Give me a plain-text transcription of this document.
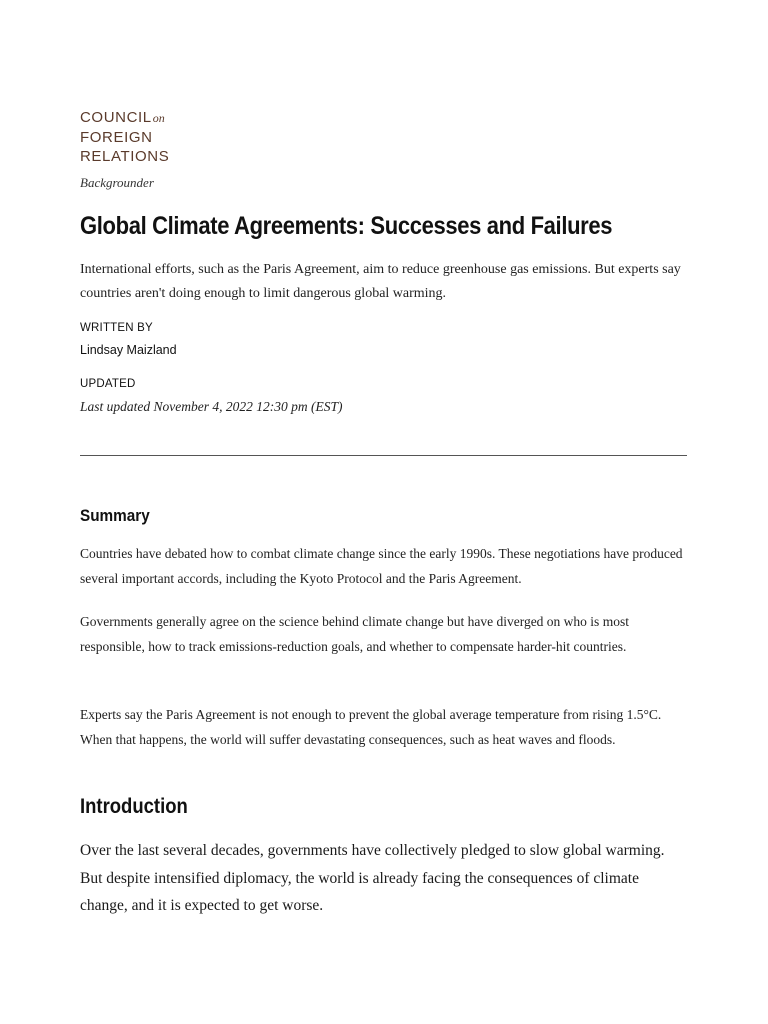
COUNCILon
FOREIGN
RELATIONS
Backgrounder
Global Climate Agreements: Successes and Failures

International efforts, such as the Paris Agreement, aim to reduce greenhouse gas emissions. But experts say countries aren't doing enough to limit dangerous global warming.

WRITTEN BY
Lindsay Maizland
UPDATED
Last updated November 4, 2022 12:30 pm (EST)
Summary

Countries have debated how to combat climate change since the early 1990s. These negotiations have produced several important accords, including the Kyoto Protocol and the Paris Agreement.

Governments generally agree on the science behind climate change but have diverged on who is most responsible, how to track emissions-reduction goals, and whether to compensate harder-hit countries.

Experts say the Paris Agreement is not enough to prevent the global average temperature from rising 1.5°C. When that happens, the world will suffer devastating consequences, such as heat waves and floods.

Introduction

Over the last several decades, governments have collectively pledged to slow global warming. But despite intensified diplomacy, the world is already facing the consequences of climate change, and it is expected to get worse.
